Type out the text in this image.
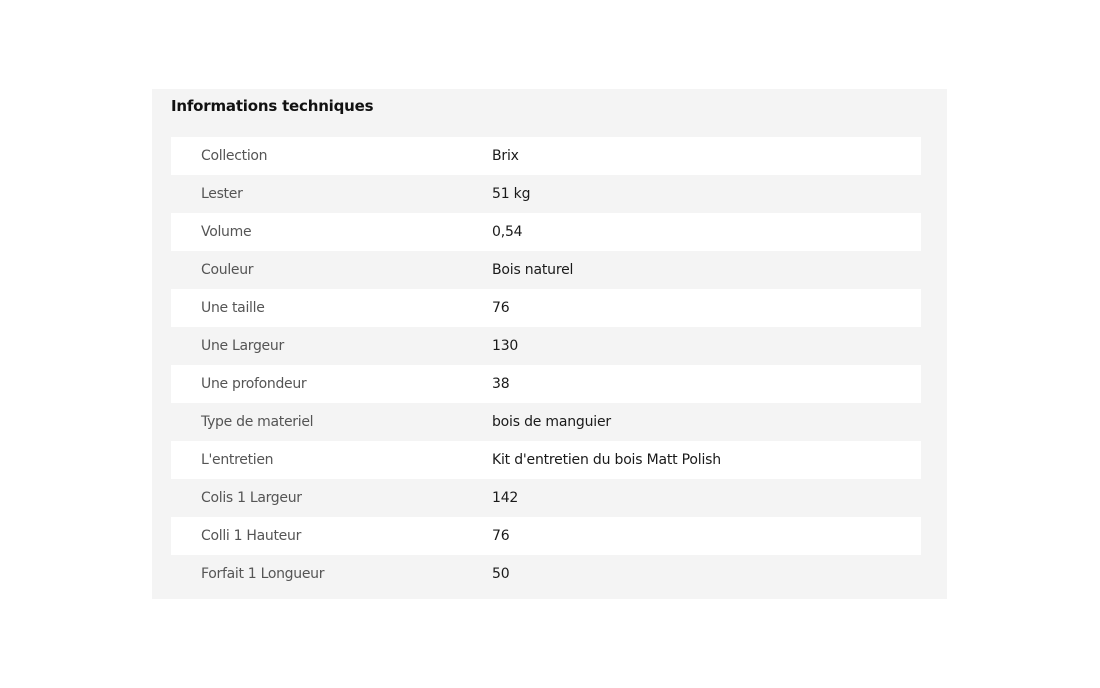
Informations techniques
Collection	Brix
Lester	51 kg
Volume	0,54
Couleur	Bois naturel
Une taille	76
Une Largeur	130
Une profondeur	38
Type de materiel	bois de manguier
L'entretien	Kit d'entretien du bois Matt Polish
Colis 1 Largeur	142
Colli 1 Hauteur	76
Forfait 1 Longueur	50
